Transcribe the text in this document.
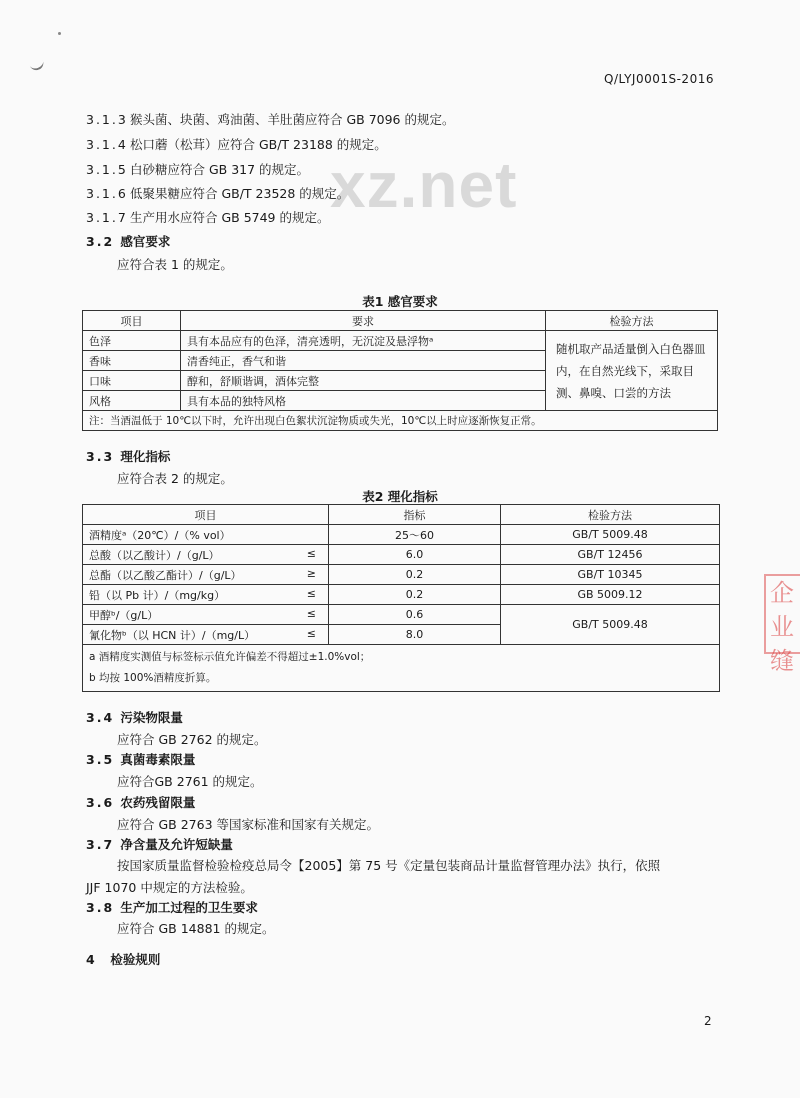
Q/LYJ0001S-2016
xz.net
3.1.3 猴头菌、块菌、鸡油菌、羊肚菌应符合 GB 7096 的规定。
3.1.4 松口蘑（松茸）应符合 GB/T 23188 的规定。
3.1.5 白砂糖应符合 GB 317 的规定。
3.1.6 低聚果糖应符合 GB/T 23528 的规定。
3.1.7 生产用水应符合 GB 5749 的规定。
3.2 感官要求
应符合表 1 的规定。
表1 感官要求
项目	要求	检验方法
色泽	具有本品应有的色泽，清亮透明，无沉淀及悬浮物ᵃ	随机取产品适量倒入白色器皿内，在自然光线下，采取目测、鼻嗅、口尝的方法
香味	清香纯正，香气和谐	
口味	醇和，舒顺谐调，酒体完整	
风格	具有本品的独特风格	
注：当酒温低于 10℃以下时，允许出现白色絮状沉淀物质或失光，10℃以上时应逐渐恢复正常。		
3.3 理化指标
应符合表 2 的规定。
表2 理化指标
项目	指标	检验方法
酒精度ᵃ（20℃）/（% vol）	25～60	GB/T 5009.48
总酸（以乙酸计）/（g/L） ≤	6.0	GB/T 12456
总酯（以乙酸乙酯计）/（g/L） ≥	0.2	GB/T 10345
铅（以 Pb 计）/（mg/kg） ≤	0.2	GB 5009.12
甲醇ᵇ/（g/L） ≤	0.6	GB/T 5009.48
氰化物ᵇ（以 HCN 计）/（mg/L） ≤	8.0	

a 酒精度实测值与标签标示值允许偏差不得超过±1.0%vol；
b 均按 100%酒精度折算。		
3.4 污染物限量
应符合 GB 2762 的规定。
3.5 真菌毒素限量
应符合GB 2761 的规定。
3.6 农药残留限量
应符合 GB 2763 等国家标准和国家有关规定。
3.7 净含量及允许短缺量
按国家质量监督检验检疫总局令【2005】第 75 号《定量包装商品计量监督管理办法》执行，依照
JJF 1070 中规定的方法检验。
3.8 生产加工过程的卫生要求
应符合 GB 14881 的规定。
4 检验规则
企业
缝
2
